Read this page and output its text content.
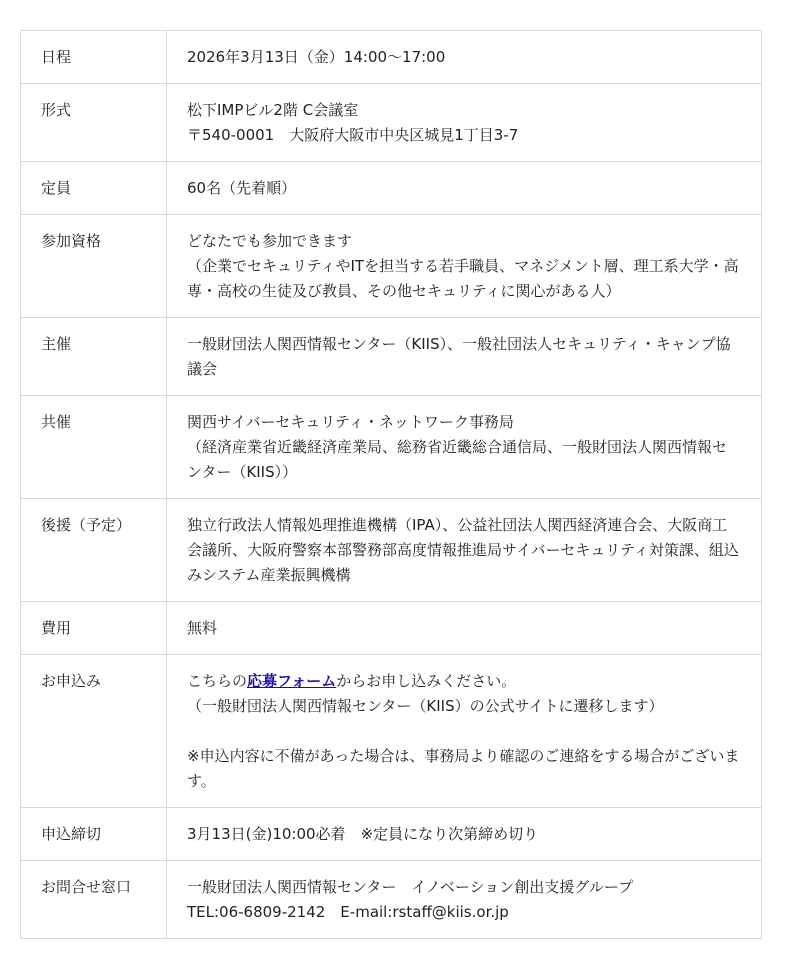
日程	2026年3月13日（金）14:00〜17:00

形式	松下IMPビル2階 C会議室
〒540-0001　大阪府大阪市中央区城見1丁目3-7

定員	60名（先着順）

参加資格	どなたでも参加できます
（企業でセキュリティやITを担当する若手職員、マネジメント層、理工系大学・高専・高校の生徒及び教員、その他セキュリティに関心がある人）

主催	一般財団法人関西情報センター（KIIS）、一般社団法人セキュリティ・キャンプ協議会

共催	関西サイバーセキュリティ・ネットワーク事務局
（経済産業省近畿経済産業局、総務省近畿総合通信局、一般財団法人関西情報センター（KIIS））

後援（予定）	独立行政法人情報処理推進機構（IPA）、公益社団法人関西経済連合会、大阪商工会議所、大阪府警察本部警務部高度情報推進局サイバーセキュリティ対策課、組込みシステム産業振興機構

費用	無料

お申込み	こちらの応募フォームからお申し込みください。
（一般財団法人関西情報センター（KIIS）の公式サイトに遷移します）
※申込内容に不備があった場合は、事務局より確認のご連絡をする場合がございます。

申込締切	3月13日(金)10:00必着　※定員になり次第締め切り

お問合せ窓口	一般財団法人関西情報センター　イノベーション創出支援グループ
TEL:06-6809-2142　E-mail:rstaff@kiis.or.jp
